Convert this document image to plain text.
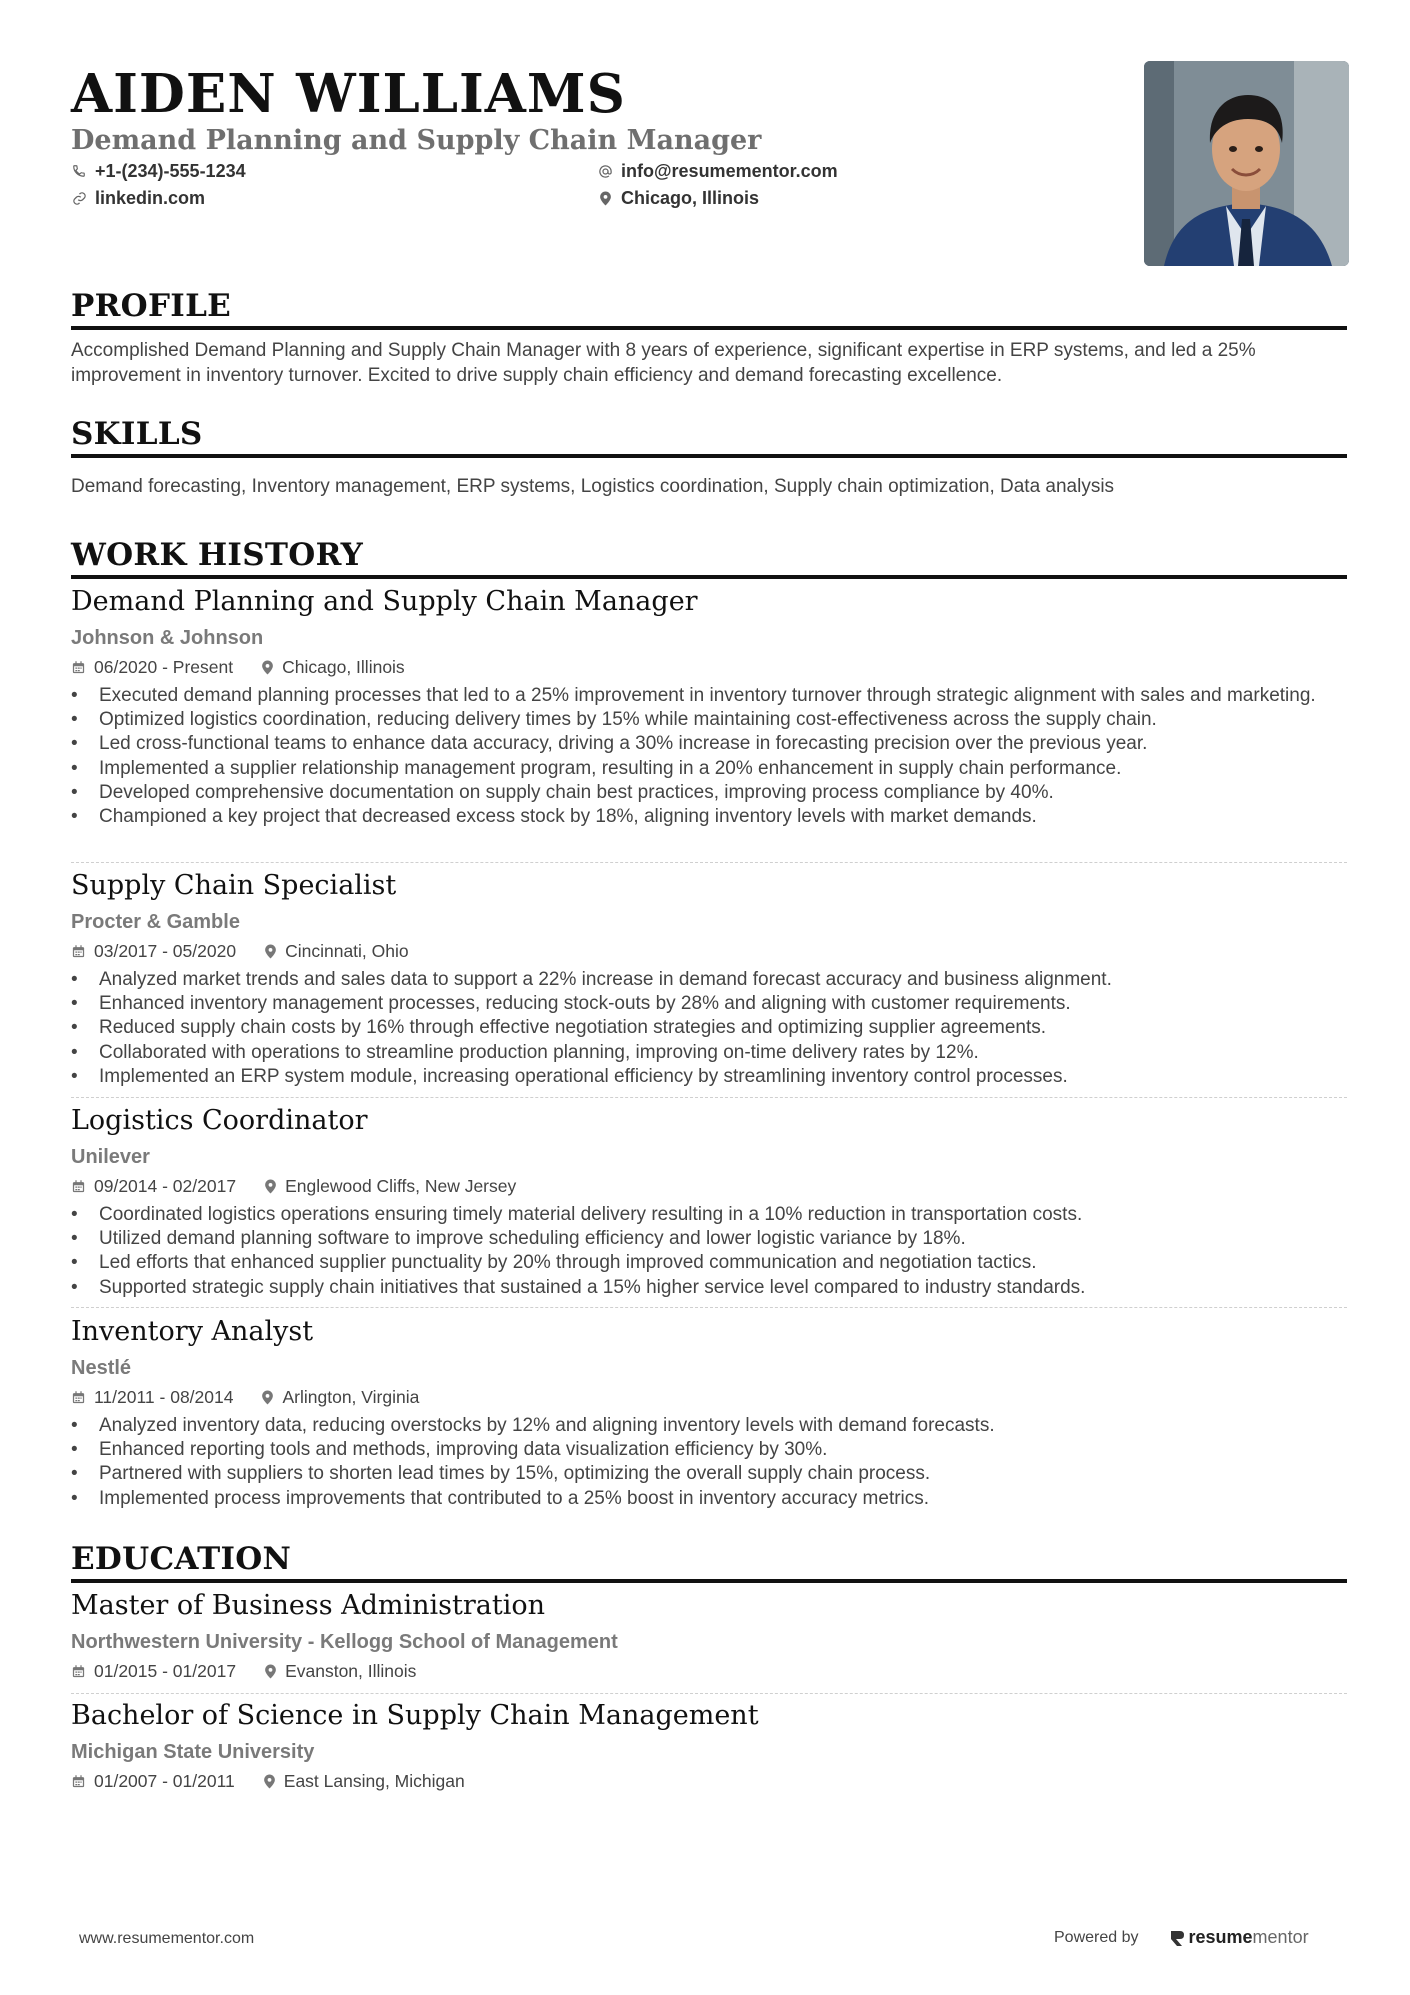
AIDEN WILLIAMS
Demand Planning and Supply Chain Manager
+1-(234)-555-1234	info@resumementor.com
linkedin.com	Chicago, Illinois
PROFILE
Accomplished Demand Planning and Supply Chain Manager with 8 years of experience, significant expertise in ERP systems, and led a 25% improvement in inventory turnover. Excited to drive supply chain efficiency and demand forecasting excellence.
SKILLS
Demand forecasting, Inventory management, ERP systems, Logistics coordination, Supply chain optimization, Data analysis
WORK HISTORY
Demand Planning and Supply Chain Manager
Johnson & Johnson
06/2020 - Present	Chicago, Illinois
• Executed demand planning processes that led to a 25% improvement in inventory turnover through strategic alignment with sales and marketing.
• Optimized logistics coordination, reducing delivery times by 15% while maintaining cost-effectiveness across the supply chain.
• Led cross-functional teams to enhance data accuracy, driving a 30% increase in forecasting precision over the previous year.
• Implemented a supplier relationship management program, resulting in a 20% enhancement in supply chain performance.
• Developed comprehensive documentation on supply chain best practices, improving process compliance by 40%.
• Championed a key project that decreased excess stock by 18%, aligning inventory levels with market demands.
Supply Chain Specialist
Procter & Gamble
03/2017 - 05/2020	Cincinnati, Ohio
• Analyzed market trends and sales data to support a 22% increase in demand forecast accuracy and business alignment.
• Enhanced inventory management processes, reducing stock-outs by 28% and aligning with customer requirements.
• Reduced supply chain costs by 16% through effective negotiation strategies and optimizing supplier agreements.
• Collaborated with operations to streamline production planning, improving on-time delivery rates by 12%.
• Implemented an ERP system module, increasing operational efficiency by streamlining inventory control processes.
Logistics Coordinator
Unilever
09/2014 - 02/2017	Englewood Cliffs, New Jersey
• Coordinated logistics operations ensuring timely material delivery resulting in a 10% reduction in transportation costs.
• Utilized demand planning software to improve scheduling efficiency and lower logistic variance by 18%.
• Led efforts that enhanced supplier punctuality by 20% through improved communication and negotiation tactics.
• Supported strategic supply chain initiatives that sustained a 15% higher service level compared to industry standards.
Inventory Analyst
Nestlé
11/2011 - 08/2014	Arlington, Virginia
• Analyzed inventory data, reducing overstocks by 12% and aligning inventory levels with demand forecasts.
• Enhanced reporting tools and methods, improving data visualization efficiency by 30%.
• Partnered with suppliers to shorten lead times by 15%, optimizing the overall supply chain process.
• Implemented process improvements that contributed to a 25% boost in inventory accuracy metrics.
EDUCATION
Master of Business Administration
Northwestern University - Kellogg School of Management
01/2015 - 01/2017	Evanston, Illinois
Bachelor of Science in Supply Chain Management
Michigan State University
01/2007 - 01/2011	East Lansing, Michigan
www.resumementor.com	Powered by	resume mentor
